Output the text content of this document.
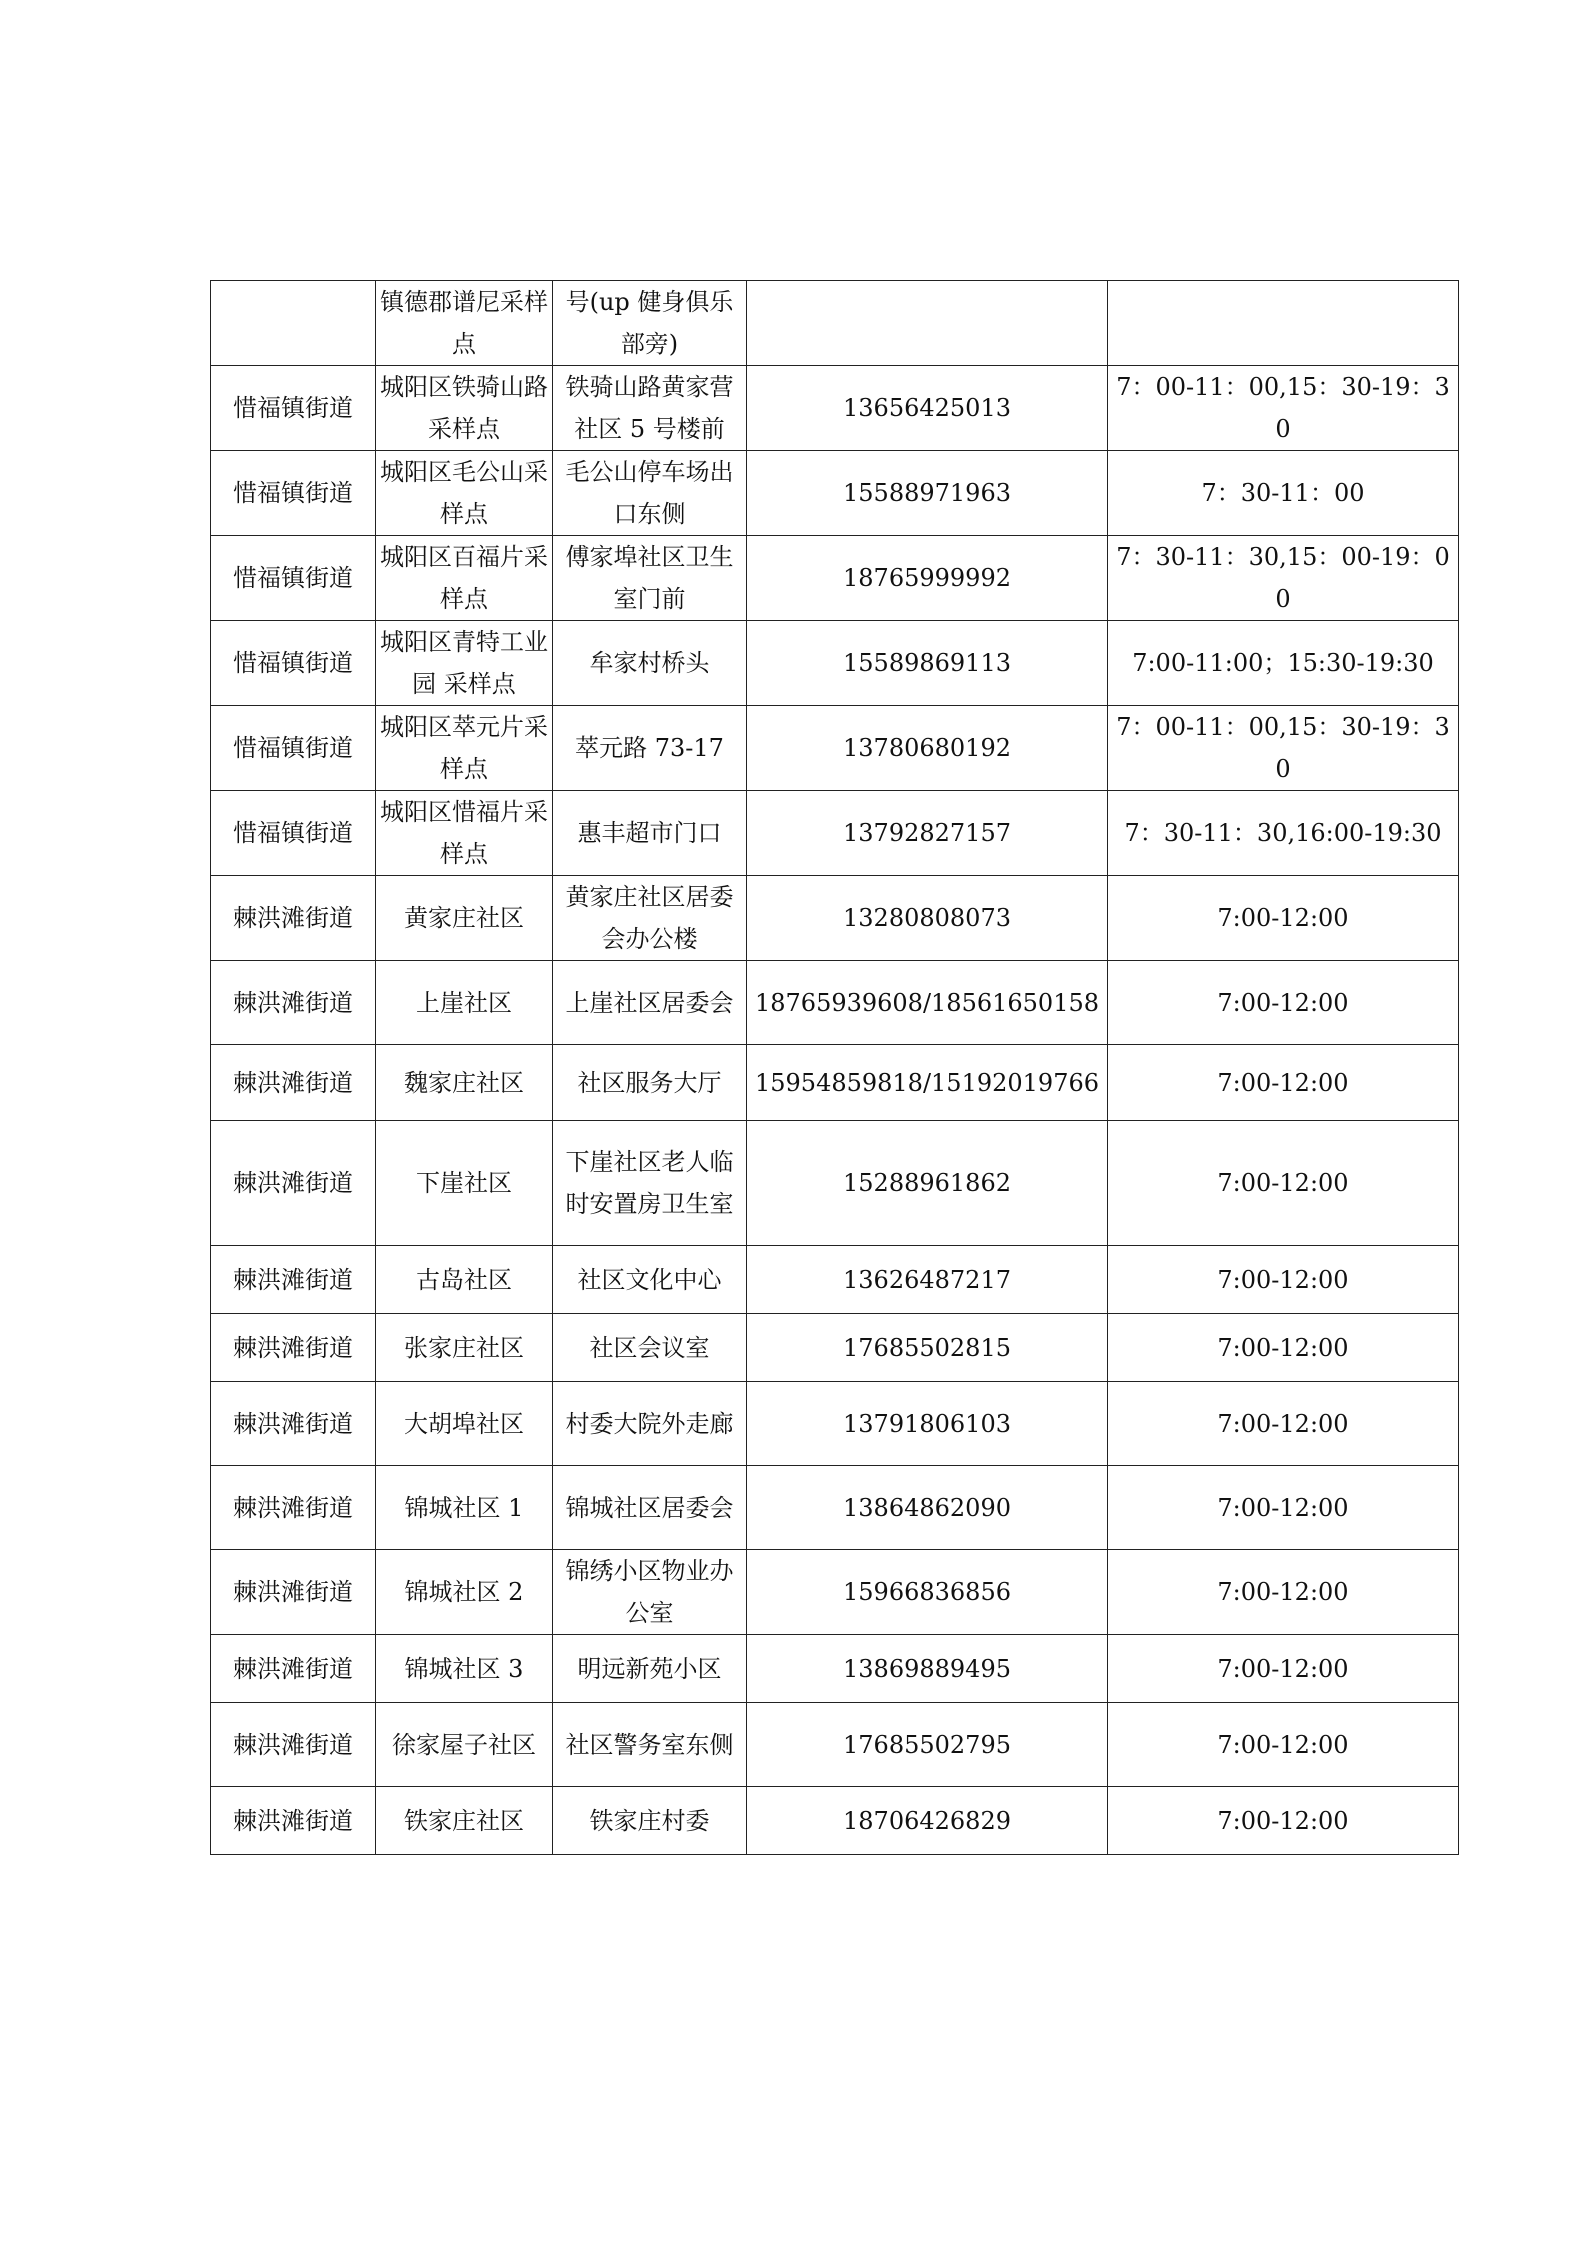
	镇德郡谱尼采样点	号(up 健身俱乐部旁)		
惜福镇街道	城阳区铁骑山路采样点	铁骑山路黄家营社区 5 号楼前	13656425013	7：00-11：00,15：30-19：30
惜福镇街道	城阳区毛公山采样点	毛公山停车场出口东侧	15588971963	7：30-11：00
惜福镇街道	城阳区百福片采样点	傅家埠社区卫生室门前	18765999992	7：30-11：30,15：00-19：00
惜福镇街道	城阳区青特工业园 采样点	牟家村桥头	15589869113	7:00-11:00；15:30-19:30
惜福镇街道	城阳区萃元片采样点	萃元路 73-17	13780680192	7：00-11：00,15：30-19：30
惜福镇街道	城阳区惜福片采样点	惠丰超市门口	13792827157	7：30-11：30,16:00-19:30
棘洪滩街道	黄家庄社区	黄家庄社区居委会办公楼	13280808073	7:00-12:00
棘洪滩街道	上崖社区	上崖社区居委会	18765939608/18561650158	7:00-12:00
棘洪滩街道	魏家庄社区	社区服务大厅	15954859818/15192019766	7:00-12:00
棘洪滩街道	下崖社区	下崖社区老人临时安置房卫生室	15288961862	7:00-12:00
棘洪滩街道	古岛社区	社区文化中心	13626487217	7:00-12:00
棘洪滩街道	张家庄社区	社区会议室	17685502815	7:00-12:00
棘洪滩街道	大胡埠社区	村委大院外走廊	13791806103	7:00-12:00
棘洪滩街道	锦城社区 1	锦城社区居委会	13864862090	7:00-12:00
棘洪滩街道	锦城社区 2	锦绣小区物业办公室	15966836856	7:00-12:00
棘洪滩街道	锦城社区 3	明远新苑小区	13869889495	7:00-12:00
棘洪滩街道	徐家屋子社区	社区警务室东侧	17685502795	7:00-12:00
棘洪滩街道	铁家庄社区	铁家庄村委	18706426829	7:00-12:00
